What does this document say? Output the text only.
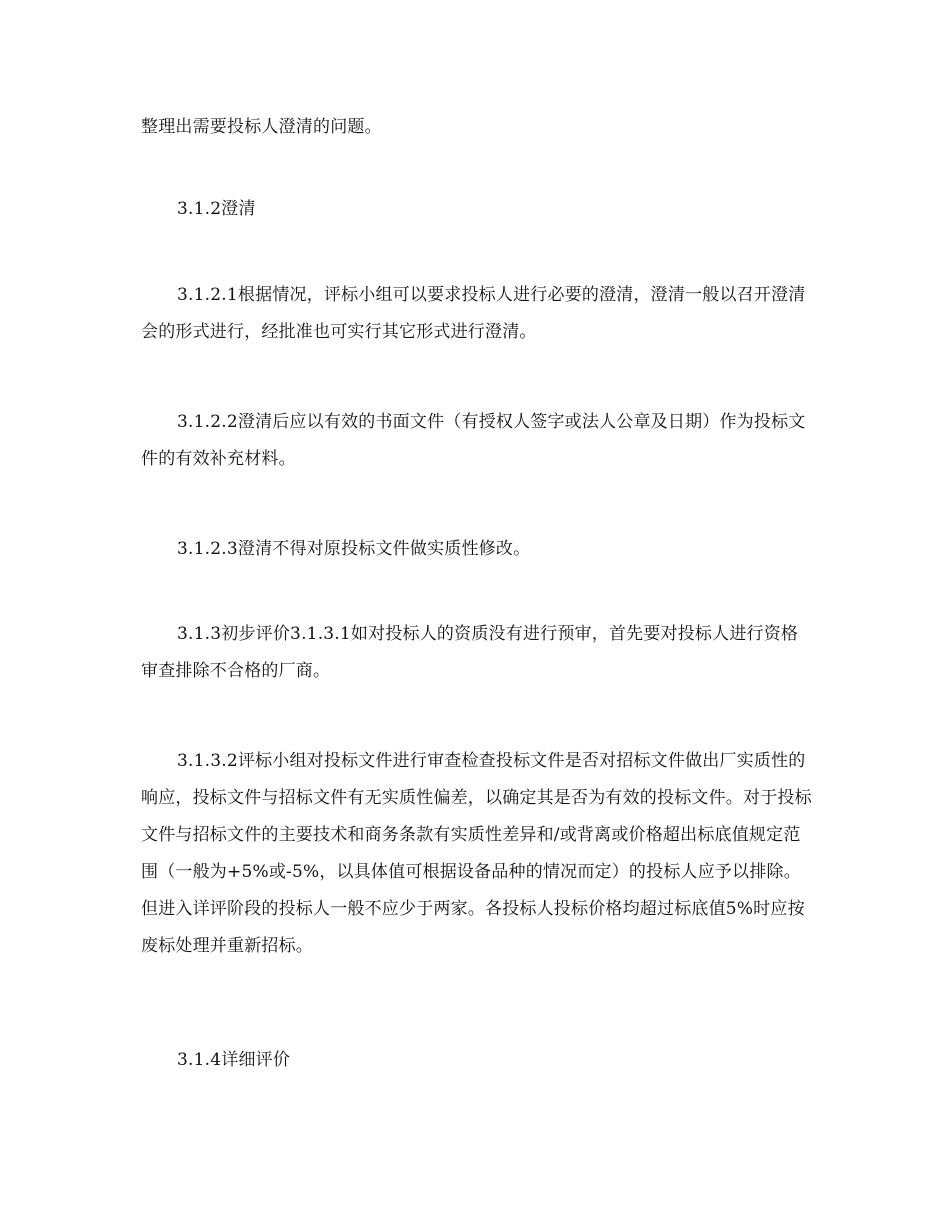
整理出需要投标人澄清的问题。

3.1.2澄清

3.1.2.1根据情况，评标小组可以要求投标人进行必要的澄清，澄清一般以召开澄清会的形式进行，经批准也可实行其它形式进行澄清。

3.1.2.2澄清后应以有效的书面文件（有授权人签字或法人公章及日期）作为投标文件的有效补充材料。

3.1.2.3澄清不得对原投标文件做实质性修改。

3.1.3初步评价3.1.3.1如对投标人的资质没有进行预审，首先要对投标人进行资格审查排除不合格的厂商。

3.1.3.2评标小组对投标文件进行审查检查投标文件是否对招标文件做出厂实质性的响应，投标文件与招标文件有无实质性偏差，以确定其是否为有效的投标文件。对于投标文件与招标文件的主要技术和商务条款有实质性差异和/或背离或价格超出标底值规定范围（一般为+5%或-5%，以具体值可根据设备品种的情况而定）的投标人应予以排除。但进入详评阶段的投标人一般不应少于两家。各投标人投标价格均超过标底值5%时应按废标处理并重新招标。

3.1.4详细评价
